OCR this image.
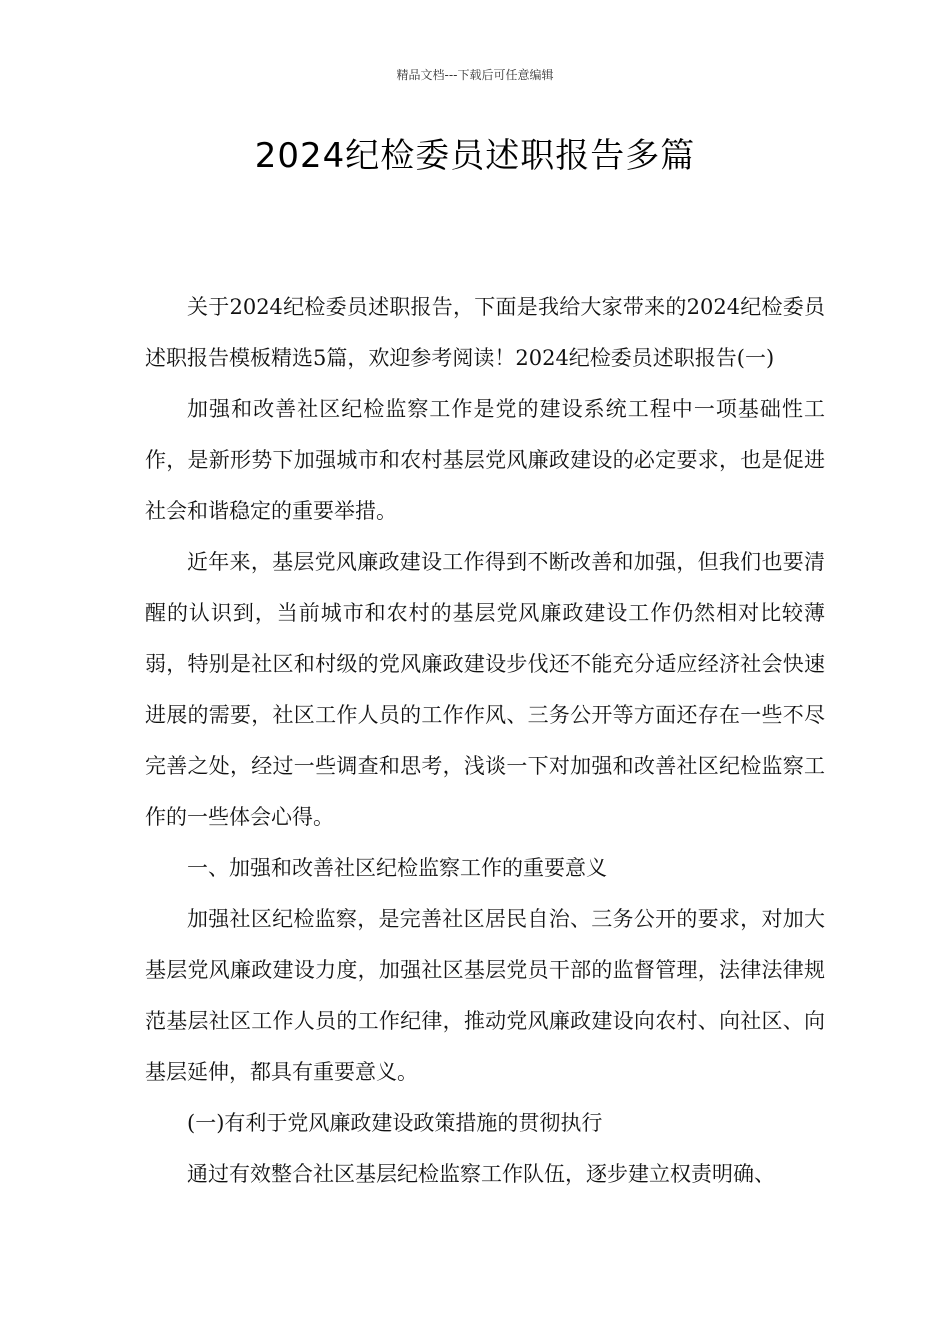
精品文档---下载后可任意编辑
2024纪检委员述职报告多篇

关于2024纪检委员述职报告，下面是我给大家带来的2024纪检委员述职报告模板精选5篇，欢迎参考阅读！2024纪检委员述职报告(一)

加强和改善社区纪检监察工作是党的建设系统工程中一项基础性工作，是新形势下加强城市和农村基层党风廉政建设的必定要求，也是促进社会和谐稳定的重要举措。

近年来，基层党风廉政建设工作得到不断改善和加强，但我们也要清醒的认识到，当前城市和农村的基层党风廉政建设工作仍然相对比较薄弱，特别是社区和村级的党风廉政建设步伐还不能充分适应经济社会快速进展的需要，社区工作人员的工作作风、三务公开等方面还存在一些不尽完善之处，经过一些调查和思考，浅谈一下对加强和改善社区纪检监察工作的一些体会心得。

一、加强和改善社区纪检监察工作的重要意义

加强社区纪检监察，是完善社区居民自治、三务公开的要求，对加大基层党风廉政建设力度，加强社区基层党员干部的监督管理，法律法律规范基层社区工作人员的工作纪律，推动党风廉政建设向农村、向社区、向基层延伸，都具有重要意义。

(一)有利于党风廉政建设政策措施的贯彻执行

通过有效整合社区基层纪检监察工作队伍，逐步建立权责明确、
